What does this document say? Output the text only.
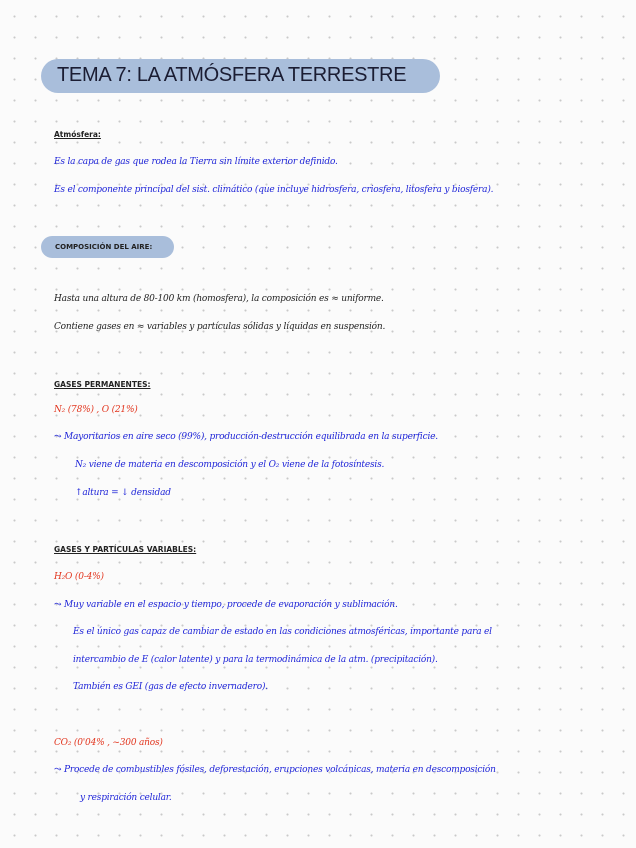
TEMA 7: LA ATMÓSFERA TERRESTRE
Atmósfera:
Es la capa de gas que rodea la Tierra sin límite exterior definido.
Es el componente principal del sist. climático (que incluye hidrosfera, criosfera, litosfera y biosfera).
COMPOSICIÓN DEL AIRE:
Hasta una altura de 80-100 km (homosfera), la composición es ≈ uniforme.
Contiene gases en ≈ variables y partículas sólidas y líquidas en suspensión.
GASES PERMANENTES:
N₂ (78%) , O (21%)
⤳ Mayoritarios en aire seco (99%), producción-destrucción equilibrada en la superficie.
N₂ viene de materia en descomposición y el O₂ viene de la fotosíntesis.
↑altura = ↓ densidad
GASES Y PARTÍCULAS VARIABLES:
H₂O (0-4%)
⤳ Muy variable en el espacio y tiempo, procede de evaporación y sublimación.
Es el único gas capaz de cambiar de estado en las condiciones atmosféricas, importante para el
intercambio de E (calor latente) y para la termodinámica de la atm. (precipitación).
También es GEI (gas de efecto invernadero).
CO₂ (0'04% , ~300 años)
⤳ Procede de combustibles fósiles, deforestación, erupciones volcánicas, materia en descomposición
y respiración celular.
